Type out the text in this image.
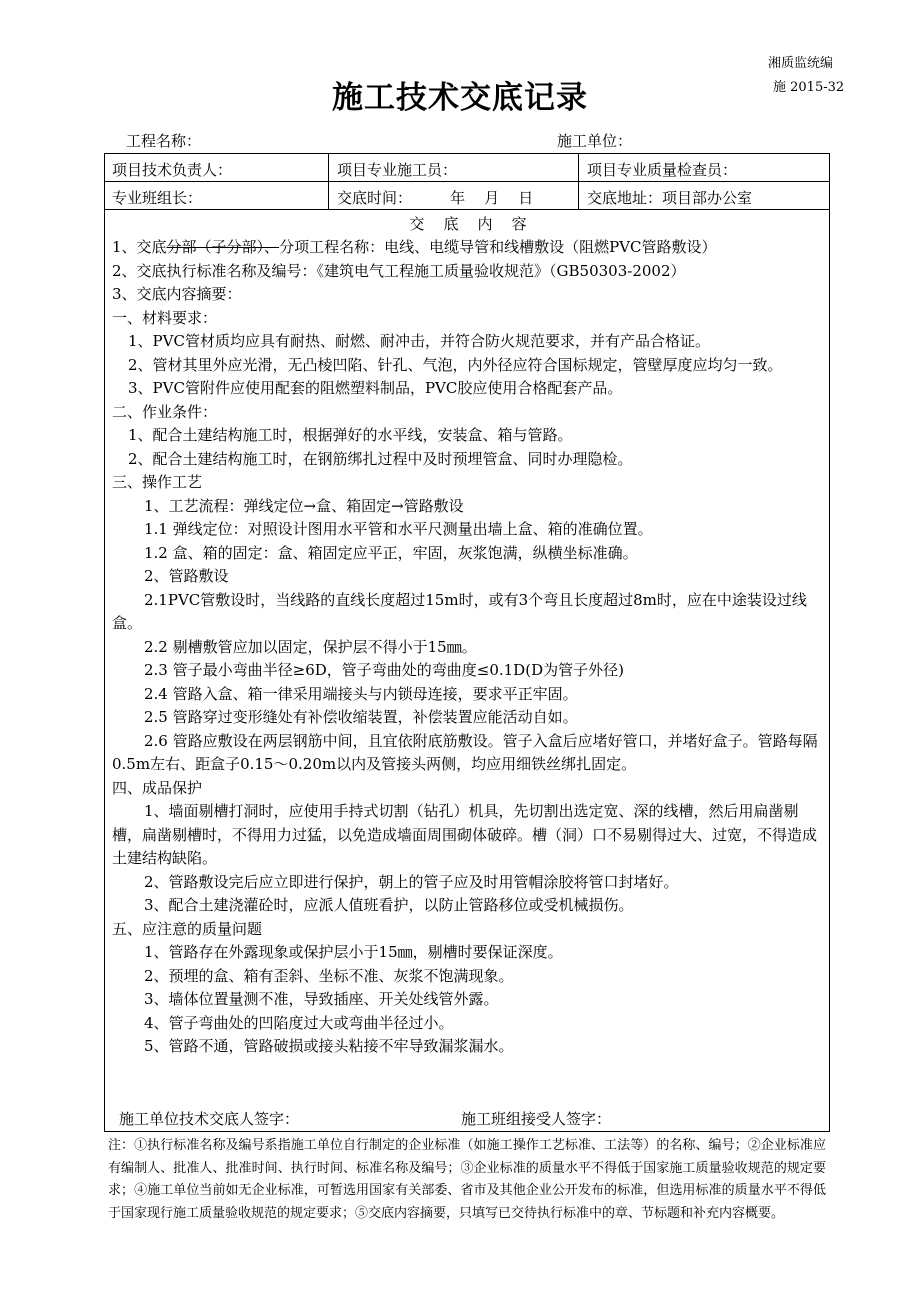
湘质监统编
施 2015-32
施工技术交底记录
工程名称：	施工单位：
项目技术负责人：	项目专业施工员：	项目专业质量检查员：
专业班组长：	交底时间：        年    月    日	交底地址：项目部办公室
交    底    内    容
1、交底分部（子分部）、分项工程名称：电线、电缆导管和线槽敷设（阻燃PVC管路敷设）
2、交底执行标准名称及编号：《建筑电气工程施工质量验收规范》（GB50303-2002）
3、交底内容摘要：
一、材料要求：
1、PVC管材质均应具有耐热、耐燃、耐冲击，并符合防火规范要求，并有产品合格证。
2、管材其里外应光滑，无凸棱凹陷、针孔、气泡，内外径应符合国标规定，管壁厚度应均匀一致。
3、PVC管附件应使用配套的阻燃塑料制品，PVC胶应使用合格配套产品。
二、作业条件：
1、配合土建结构施工时，根据弹好的水平线，安装盒、箱与管路。
2、配合土建结构施工时，在钢筋绑扎过程中及时预埋管盒、同时办理隐检。
三、操作工艺
1、工艺流程：弹线定位→盒、箱固定→管路敷设
1.1 弹线定位：对照设计图用水平管和水平尺测量出墙上盒、箱的准确位置。
1.2 盒、箱的固定：盒、箱固定应平正，牢固，灰浆饱满，纵横坐标准确。
2、管路敷设
2.1PVC管敷设时，当线路的直线长度超过15m时，或有3个弯且长度超过8m时，应在中途装设过线盒。
2.2 剔槽敷管应加以固定，保护层不得小于15㎜。
2.3 管子最小弯曲半径≥6D，管子弯曲处的弯曲度≤0.1D(D为管子外径)
2.4 管路入盒、箱一律采用端接头与内锁母连接，要求平正牢固。
2.5 管路穿过变形缝处有补偿收缩装置，补偿装置应能活动自如。
2.6 管路应敷设在两层钢筋中间，且宜依附底筋敷设。管子入盒后应堵好管口，并堵好盒子。管路每隔0.5m左右、距盒子0.15～0.20m以内及管接头两侧，均应用细铁丝绑扎固定。
四、成品保护
1、墙面剔槽打洞时，应使用手持式切割（钻孔）机具，先切割出选定宽、深的线槽，然后用扁凿剔槽，扁凿剔槽时，不得用力过猛，以免造成墙面周围砌体破碎。槽（洞）口不易剔得过大、过宽，不得造成土建结构缺陷。
2、管路敷设完后应立即进行保护，朝上的管子应及时用管帽涂胶将管口封堵好。
3、配合土建浇灌砼时，应派人值班看护，以防止管路移位或受机械损伤。
五、应注意的质量问题
1、管路存在外露现象或保护层小于15㎜，剔槽时要保证深度。
2、预埋的盒、箱有歪斜、坐标不准、灰浆不饱满现象。
3、墙体位置量测不准，导致插座、开关处线管外露。
4、管子弯曲处的凹陷度过大或弯曲半径过小。
5、管路不通，管路破损或接头粘接不牢导致漏浆漏水。
施工单位技术交底人签字：	施工班组接受人签字：
注：①执行标准名称及编号系指施工单位自行制定的企业标准（如施工操作工艺标准、工法等）的名称、编号；②企业标准应有编制人、批准人、批准时间、执行时间、标准名称及编号；③企业标准的质量水平不得低于国家施工质量验收规范的规定要求；④施工单位当前如无企业标准，可暂选用国家有关部委、省市及其他企业公开发布的标准，但选用标准的质量水平不得低于国家现行施工质量验收规范的规定要求；⑤交底内容摘要，只填写已交待执行标准中的章、节标题和补充内容概要。
